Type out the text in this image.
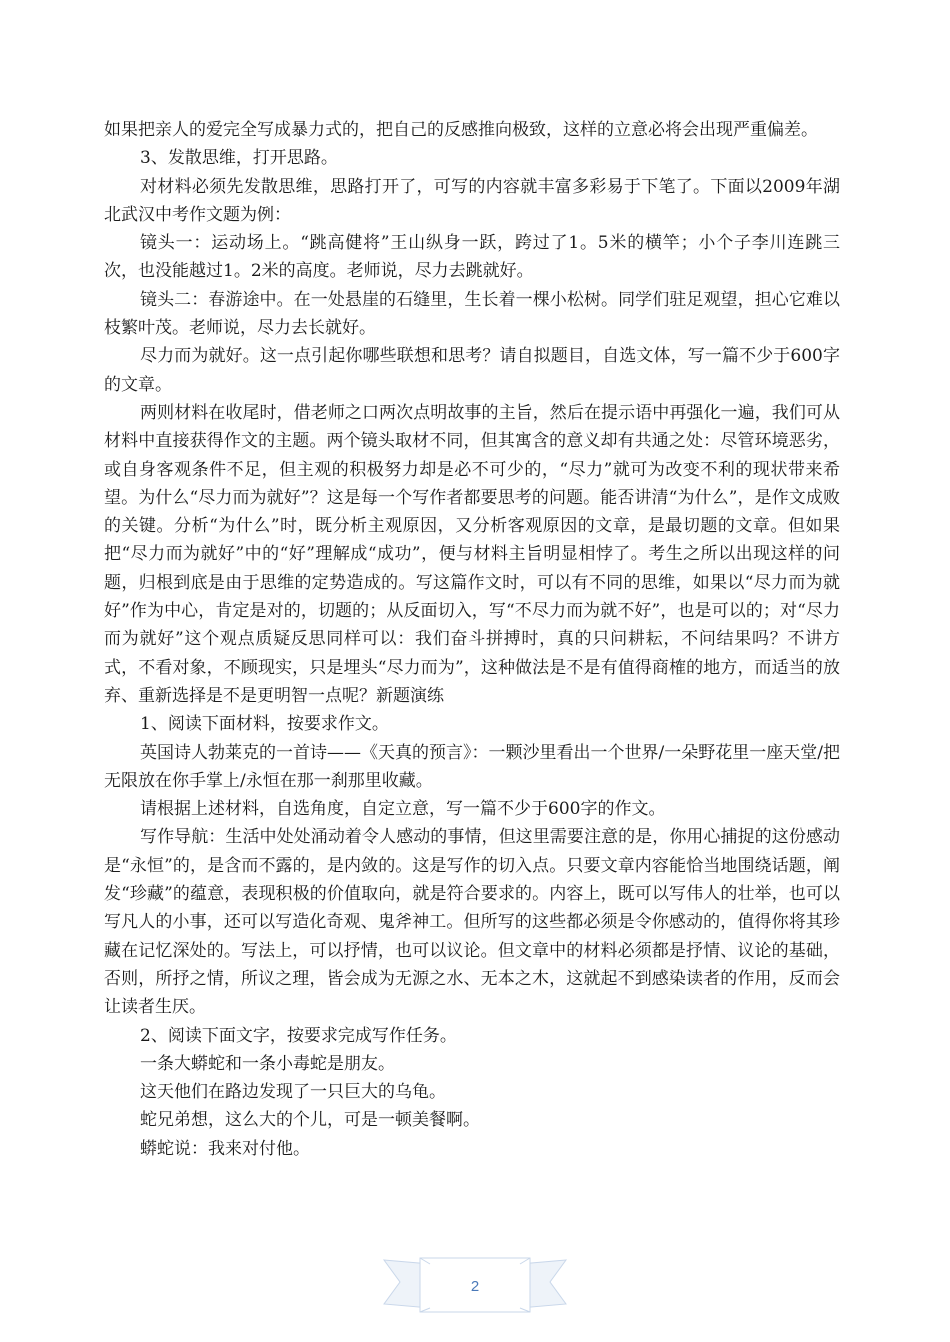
如果把亲人的爱完全写成暴力式的，把自己的反感推向极致，这样的立意必将会出现严重偏差。

3、发散思维，打开思路。

对材料必须先发散思维，思路打开了，可写的内容就丰富多彩易于下笔了。下面以2009年湖北武汉中考作文题为例：

镜头一：运动场上。“跳高健将”王山纵身一跃，跨过了1。5米的横竿；小个子李川连跳三次，也没能越过1。2米的高度。老师说，尽力去跳就好。

镜头二：春游途中。在一处悬崖的石缝里，生长着一棵小松树。同学们驻足观望，担心它难以枝繁叶茂。老师说，尽力去长就好。

尽力而为就好。这一点引起你哪些联想和思考？请自拟题目，自选文体，写一篇不少于600字的文章。

两则材料在收尾时，借老师之口两次点明故事的主旨，然后在提示语中再强化一遍，我们可从材料中直接获得作文的主题。两个镜头取材不同，但其寓含的意义却有共通之处：尽管环境恶劣，或自身客观条件不足，但主观的积极努力却是必不可少的，“尽力”就可为改变不利的现状带来希望。为什么“尽力而为就好”？这是每一个写作者都要思考的问题。能否讲清“为什么”，是作文成败的关键。分析“为什么”时，既分析主观原因，又分析客观原因的文章，是最切题的文章。但如果把“尽力而为就好”中的“好”理解成“成功”，便与材料主旨明显相悖了。考生之所以出现这样的问题，归根到底是由于思维的定势造成的。写这篇作文时，可以有不同的思维，如果以“尽力而为就好”作为中心，肯定是对的，切题的；从反面切入，写“不尽力而为就不好”，也是可以的；对“尽力而为就好”这个观点质疑反思同样可以：我们奋斗拼搏时，真的只问耕耘，不问结果吗？不讲方式，不看对象，不顾现实，只是埋头“尽力而为”，这种做法是不是有值得商榷的地方，而适当的放弃、重新选择是不是更明智一点呢？新题演练

1、阅读下面材料，按要求作文。

英国诗人勃莱克的一首诗——《天真的预言》：一颗沙里看出一个世界/一朵野花里一座天堂/把无限放在你手掌上/永恒在那一刹那里收藏。

请根据上述材料，自选角度，自定立意，写一篇不少于600字的作文。

写作导航：生活中处处涌动着令人感动的事情，但这里需要注意的是，你用心捕捉的这份感动是“永恒”的，是含而不露的，是内敛的。这是写作的切入点。只要文章内容能恰当地围绕话题，阐发“珍藏”的蕴意，表现积极的价值取向，就是符合要求的。内容上，既可以写伟人的壮举，也可以写凡人的小事，还可以写造化奇观、鬼斧神工。但所写的这些都必须是令你感动的，值得你将其珍藏在记忆深处的。写法上，可以抒情，也可以议论。但文章中的材料必须都是抒情、议论的基础，否则，所抒之情，所议之理，皆会成为无源之水、无本之木，这就起不到感染读者的作用，反而会让读者生厌。

2、阅读下面文字，按要求完成写作任务。

一条大蟒蛇和一条小毒蛇是朋友。

这天他们在路边发现了一只巨大的乌龟。

蛇兄弟想，这么大的个儿，可是一顿美餐啊。

蟒蛇说：我来对付他。

2
